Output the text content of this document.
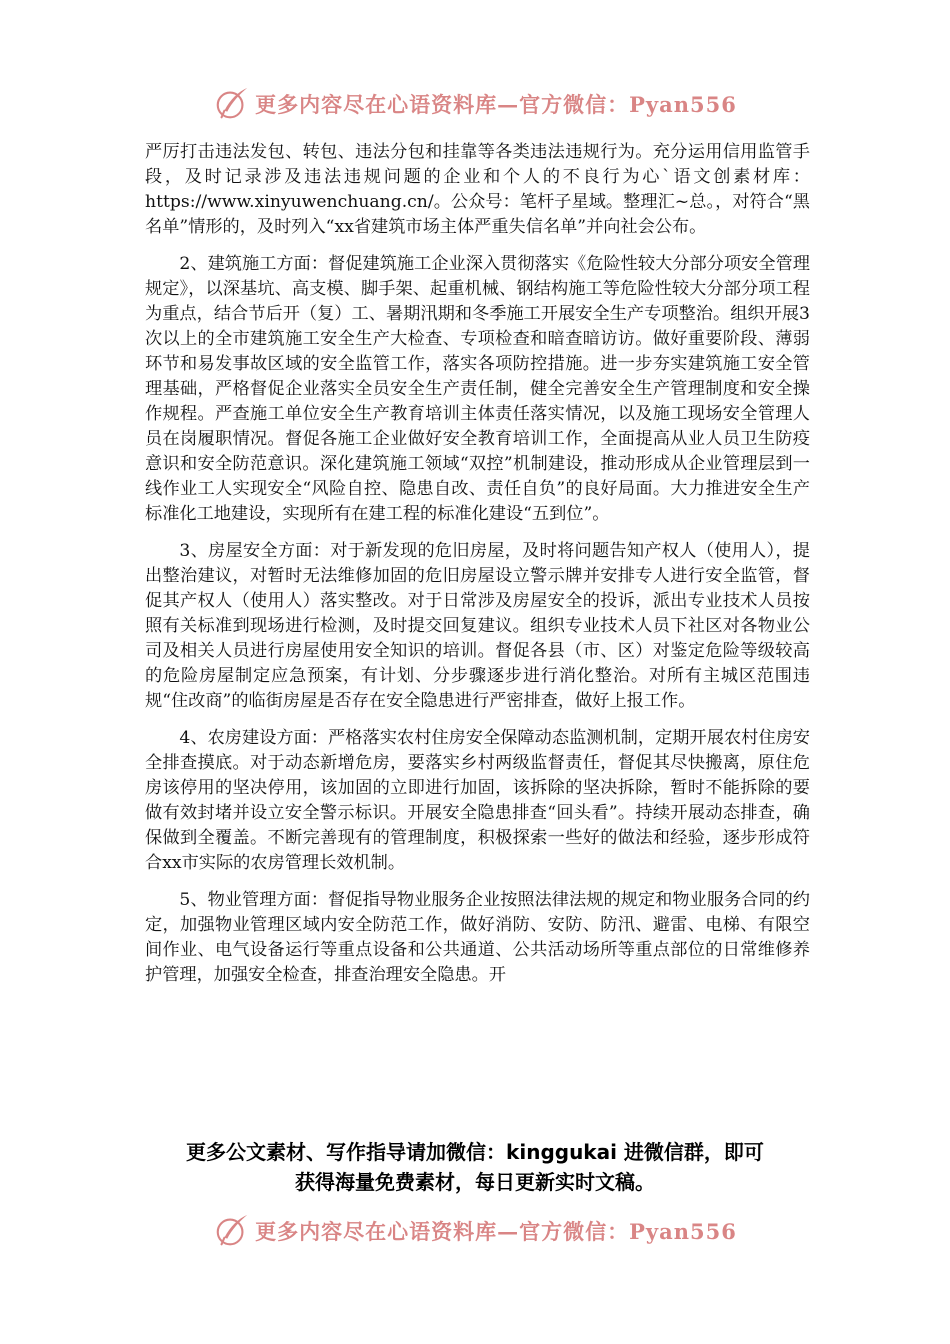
更多内容尽在心语资料库—官方微信：Pyan556

严厉打击违法发包、转包、违法分包和挂靠等各类违法违规行为。充分运用信用监管手段，及时记录涉及违法违规问题的企业和个人的不良行为心`语文创素材库：https://www.xinyuwenchuang.cn/。公众号：笔杆子星域。整理汇~总。，对符合“黑名单”情形的，及时列入“xx省建筑市场主体严重失信名单”并向社会公布。

2、建筑施工方面：督促建筑施工企业深入贯彻落实《危险性较大分部分项安全管理规定》，以深基坑、高支模、脚手架、起重机械、钢结构施工等危险性较大分部分项工程为重点，结合节后开（复）工、暑期汛期和冬季施工开展安全生产专项整治。组织开展3次以上的全市建筑施工安全生产大检查、专项检查和暗查暗访访。做好重要阶段、薄弱环节和易发事故区域的安全监管工作，落实各项防控措施。进一步夯实建筑施工安全管理基础，严格督促企业落实全员安全生产责任制，健全完善安全生产管理制度和安全操作规程。严查施工单位安全生产教育培训主体责任落实情况，以及施工现场安全管理人员在岗履职情况。督促各施工企业做好安全教育培训工作，全面提高从业人员卫生防疫意识和安全防范意识。深化建筑施工领域“双控”机制建设，推动形成从企业管理层到一线作业工人实现安全“风险自控、隐患自改、责任自负”的良好局面。大力推进安全生产标准化工地建设，实现所有在建工程的标准化建设“五到位”。

3、房屋安全方面：对于新发现的危旧房屋，及时将问题告知产权人（使用人），提出整治建议，对暂时无法维修加固的危旧房屋设立警示牌并安排专人进行安全监管，督促其产权人（使用人）落实整改。对于日常涉及房屋安全的投诉，派出专业技术人员按照有关标准到现场进行检测，及时提交回复建议。组织专业技术人员下社区对各物业公司及相关人员进行房屋使用安全知识的培训。督促各县（市、区）对鉴定危险等级较高的危险房屋制定应急预案，有计划、分步骤逐步进行消化整治。对所有主城区范围违规“住改商”的临街房屋是否存在安全隐患进行严密排查，做好上报工作。

4、农房建设方面：严格落实农村住房安全保障动态监测机制，定期开展农村住房安全排查摸底。对于动态新增危房，要落实乡村两级监督责任，督促其尽快搬离，原住危房该停用的坚决停用，该加固的立即进行加固，该拆除的坚决拆除，暂时不能拆除的要做有效封堵并设立安全警示标识。开展安全隐患排查“回头看”。持续开展动态排查，确保做到全覆盖。不断完善现有的管理制度，积极探索一些好的做法和经验，逐步形成符合xx市实际的农房管理长效机制。

5、物业管理方面：督促指导物业服务企业按照法律法规的规定和物业服务合同的约定，加强物业管理区域内安全防范工作，做好消防、安防、防汛、避雷、电梯、有限空间作业、电气设备运行等重点设备和公共通道、公共活动场所等重点部位的日常维修养护管理，加强安全检查，排查治理安全隐患。开

更多公文素材、写作指导请加微信：kinggukai 进微信群，即可
获得海量免费素材，每日更新实时文稿。
更多内容尽在心语资料库—官方微信：Pyan556
